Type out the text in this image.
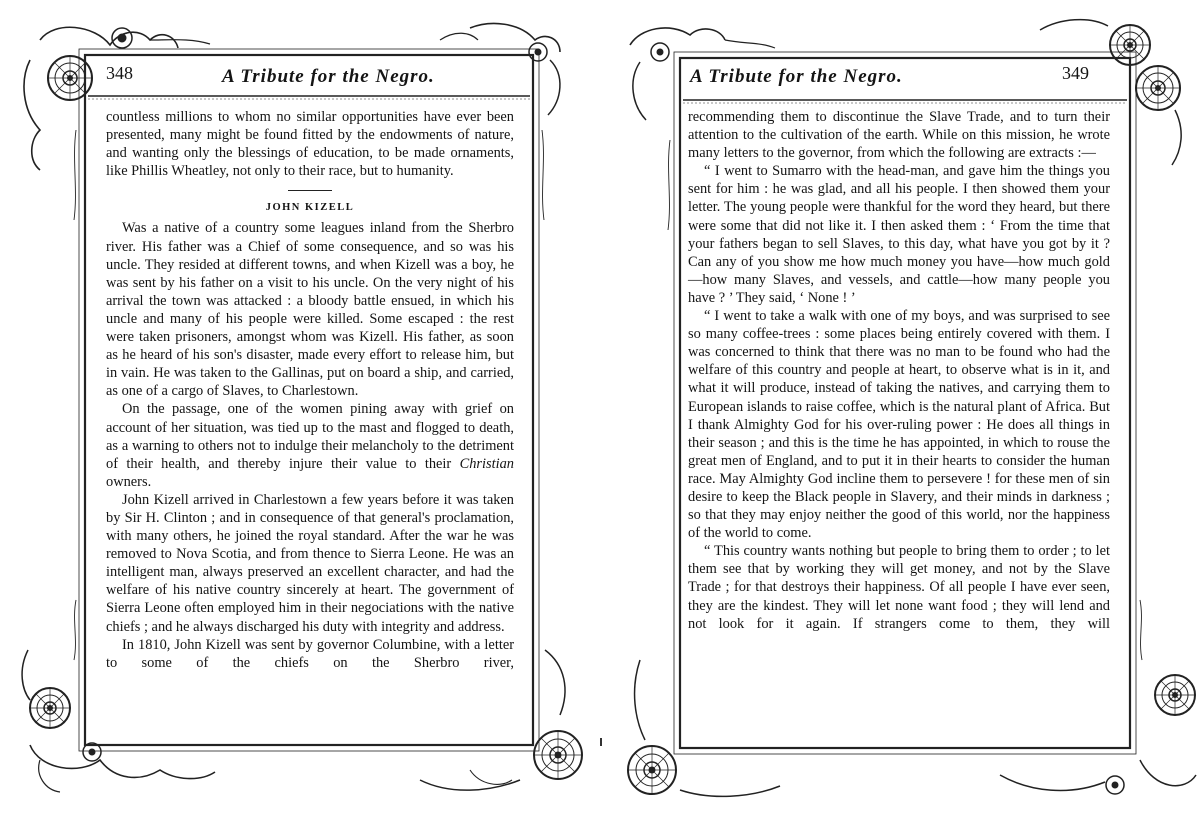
348	A Tribute for the Negro.

countless millions to whom no similar opportunities have ever been presented, many might be found fitted by the endowments of nature, and wanting only the blessings of education, to be made ornaments, like Phillis Wheatley, not only to their race, but to humanity.

JOHN KIZELL

Was a native of a country some leagues inland from the Sherbro river. His father was a Chief of some consequence, and so was his uncle. They resided at different towns, and when Kizell was a boy, he was sent by his father on a visit to his uncle. On the very night of his arrival the town was attacked : a bloody battle ensued, in which his uncle and many of his people were killed. Some escaped : the rest were taken prisoners, amongst whom was Kizell. His father, as soon as he heard of his son's disaster, made every effort to release him, but in vain. He was taken to the Gallinas, put on board a ship, and carried, as one of a cargo of Slaves, to Charlestown.

On the passage, one of the women pining away with grief on account of her situation, was tied up to the mast and flogged to death, as a warning to others not to indulge their melancholy to the detriment of their health, and thereby injure their value to their Christian owners.

John Kizell arrived in Charlestown a few years before it was taken by Sir H. Clinton ; and in consequence of that general's proclamation, with many others, he joined the royal standard. After the war he was removed to Nova Scotia, and from thence to Sierra Leone. He was an intelligent man, always preserved an excellent character, and had the welfare of his native country sincerely at heart. The government of Sierra Leone often employed him in their negociations with the native chiefs ; and he always discharged his duty with integrity and address.

In 1810, John Kizell was sent by governor Columbine, with a letter to some of the chiefs on the Sherbro river,

A Tribute for the Negro.	349

recommending them to discontinue the Slave Trade, and to turn their attention to the cultivation of the earth. While on this mission, he wrote many letters to the governor, from which the following are extracts :—

“ I went to Sumarro with the head-man, and gave him the things you sent for him : he was glad, and all his people. I then showed them your letter. The young people were thankful for the word they heard, but there were some that did not like it. I then asked them : ‘ From the time that your fathers began to sell Slaves, to this day, what have you got by it ? Can any of you show me how much money you have—how much gold—how many Slaves, and vessels, and cattle—how many people you have ? ’ They said, ‘ None ! ’

“ I went to take a walk with one of my boys, and was surprised to see so many coffee-trees : some places being entirely covered with them. I was concerned to think that there was no man to be found who had the welfare of this country and people at heart, to observe what is in it, and what it will produce, instead of taking the natives, and carrying them to European islands to raise coffee, which is the natural plant of Africa. But I thank Almighty God for his over-ruling power : He does all things in their season ; and this is the time he has appointed, in which to rouse the great men of England, and to put it in their hearts to consider the human race. May Almighty God incline them to persevere ! for these men of sin desire to keep the Black people in Slavery, and their minds in darkness ; so that they may enjoy neither the good of this world, nor the happiness of the world to come.

“ This country wants nothing but people to bring them to order ; to let them see that by working they will get money, and not by the Slave Trade ; for that destroys their happiness. Of all people I have ever seen, they are the kindest. They will let none want food ; they will lend and not look for it again. If strangers come to them, they will
